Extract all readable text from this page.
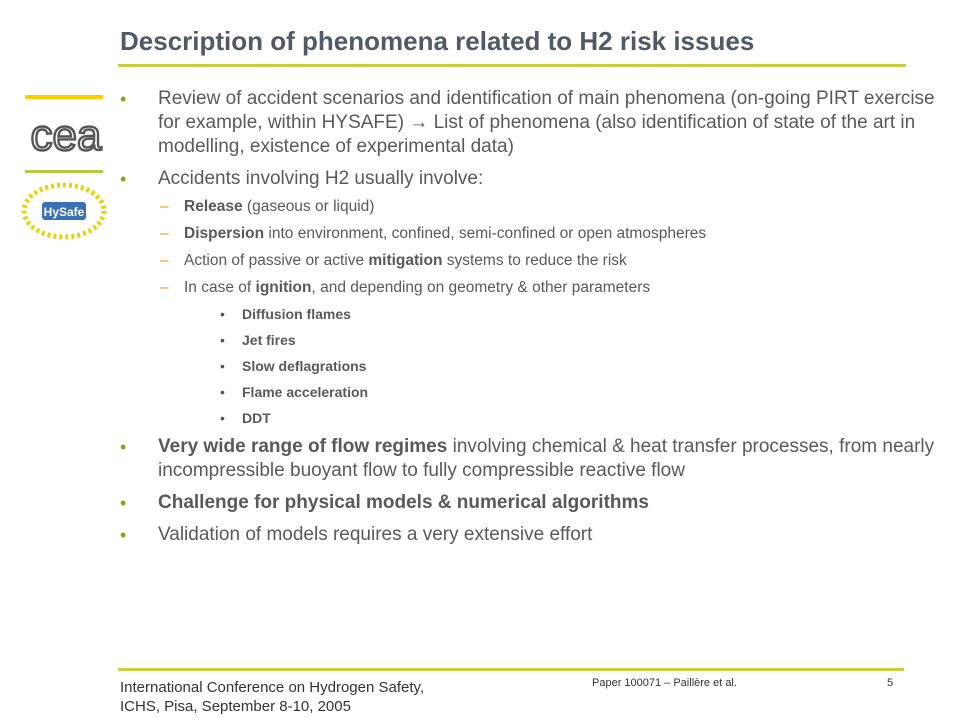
Description of phenomena related to H2 risk issues
cea
HySafe
• Review of accident scenarios and identification of main phenomena (on-going PIRT exercise for example, within HYSAFE) → List of phenomena (also identification of state of the art in modelling, existence of experimental data)
• Accidents involving H2 usually involve:
– Release (gaseous or liquid)
– Dispersion into environment, confined, semi-confined or open atmospheres
– Action of passive or active mitigation systems to reduce the risk
– In case of ignition, and depending on geometry & other parameters
• Diffusion flames
• Jet fires
• Slow deflagrations
• Flame acceleration
• DDT
• Very wide range of flow regimes involving chemical & heat transfer processes, from nearly incompressible buoyant flow to fully compressible reactive flow
• Challenge for physical models & numerical algorithms
• Validation of models requires a very extensive effort
International Conference on Hydrogen Safety,
ICHS, Pisa, September 8-10, 2005
Paper 100071 – Paillère et al.	5
